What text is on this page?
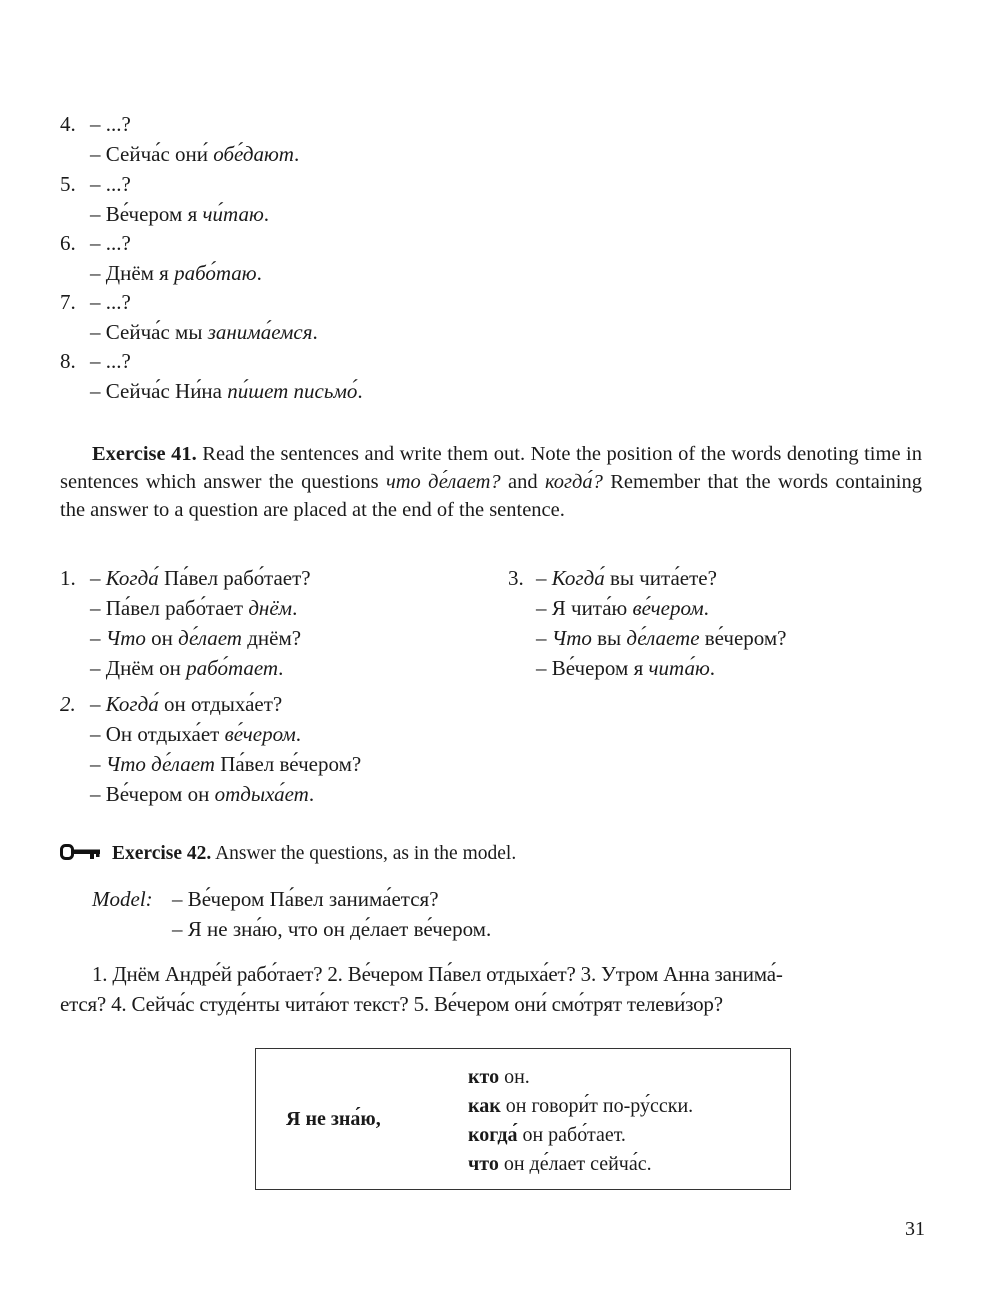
4. – ...?
– Сейча́с они́ обе́дают.
5. – ...?
– Ве́чером я чи́таю.
6. – ...?
– Днём я рабо́таю.
7. – ...?
– Сейча́с мы занима́емся.
8. – ...?
– Сейча́с Ни́на пи́шет письмо́.
Exercise 41. Read the sentences and write them out. Note the position of the words denoting time in sentences which answer the questions что де́лает? and когда́? Remember that the words containing the answer to a question are placed at the end of the sentence.
1. – Когда́ Па́вел рабо́тает?
– Па́вел рабо́тает днём.
– Что он де́лает днём?
– Днём он рабо́тает.
2. – Когда́ он отдыха́ет?
– Он отдыха́ет ве́чером.
– Что де́лает Па́вел ве́чером?
– Ве́чером он отдыха́ет.
3. – Когда́ вы чита́ете?
– Я чита́ю ве́чером.
– Что вы де́лаете ве́чером?
– Ве́чером я чита́ю.
Exercise 42. Answer the questions, as in the model.
Model: – Ве́чером Па́вел занима́ется?
– Я не зна́ю, что он де́лает ве́чером.
1. Днём Андре́й рабо́тает? 2. Ве́чером Па́вел отдыха́ет? 3. Утром Анна занима́-
ется? 4. Сейча́с студе́нты чита́ют текст? 5. Ве́чером они́ смо́трят телеви́зор?
Я не зна́ю,
кто он.
как он говори́т по-ру́сски.
когда́ он рабо́тает.
что он де́лает сейча́с.
31
